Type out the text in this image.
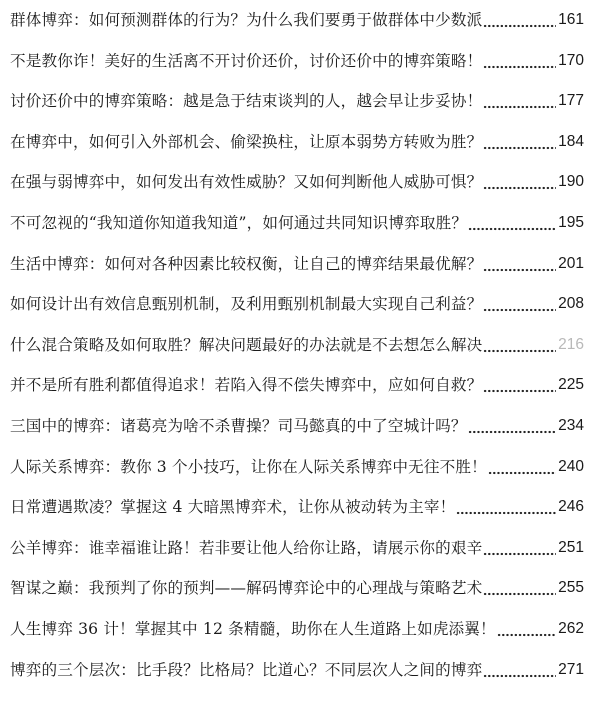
群体博弈：如何预测群体的行为？为什么我们要勇于做群体中少数派	161
不是教你诈！美好的生活离不开讨价还价，讨价还价中的博弈策略！	170
讨价还价中的博弈策略：越是急于结束谈判的人，越会早让步妥协！	177
在博弈中，如何引入外部机会、偷梁换柱，让原本弱势方转败为胜？	184
在强与弱博弈中，如何发出有效性威胁？又如何判断他人威胁可惧？	190
不可忽视的“我知道你知道我知道”，如何通过共同知识博弈取胜？	195
生活中博弈：如何对各种因素比较权衡，让自己的博弈结果最优解？	201
如何设计出有效信息甄别机制，及利用甄别机制最大实现自己利益？	208
什么混合策略及如何取胜？解决问题最好的办法就是不去想怎么解决	216
并不是所有胜利都值得追求！若陷入得不偿失博弈中，应如何自救？	225
三国中的博弈：诸葛亮为啥不杀曹操？司马懿真的中了空城计吗？	234
人际关系博弈：教你 3 个小技巧，让你在人际关系博弈中无往不胜！	240
日常遭遇欺凌？掌握这 4 大暗黑博弈术，让你从被动转为主宰！	246
公羊博弈：谁幸福谁让路！若非要让他人给你让路，请展示你的艰辛	251
智谋之巅：我预判了你的预判——解码博弈论中的心理战与策略艺术	255
人生博弈 36 计！掌握其中 12 条精髓，助你在人生道路上如虎添翼！	262
博弈的三个层次：比手段？比格局？比道心？不同层次人之间的博弈	271
